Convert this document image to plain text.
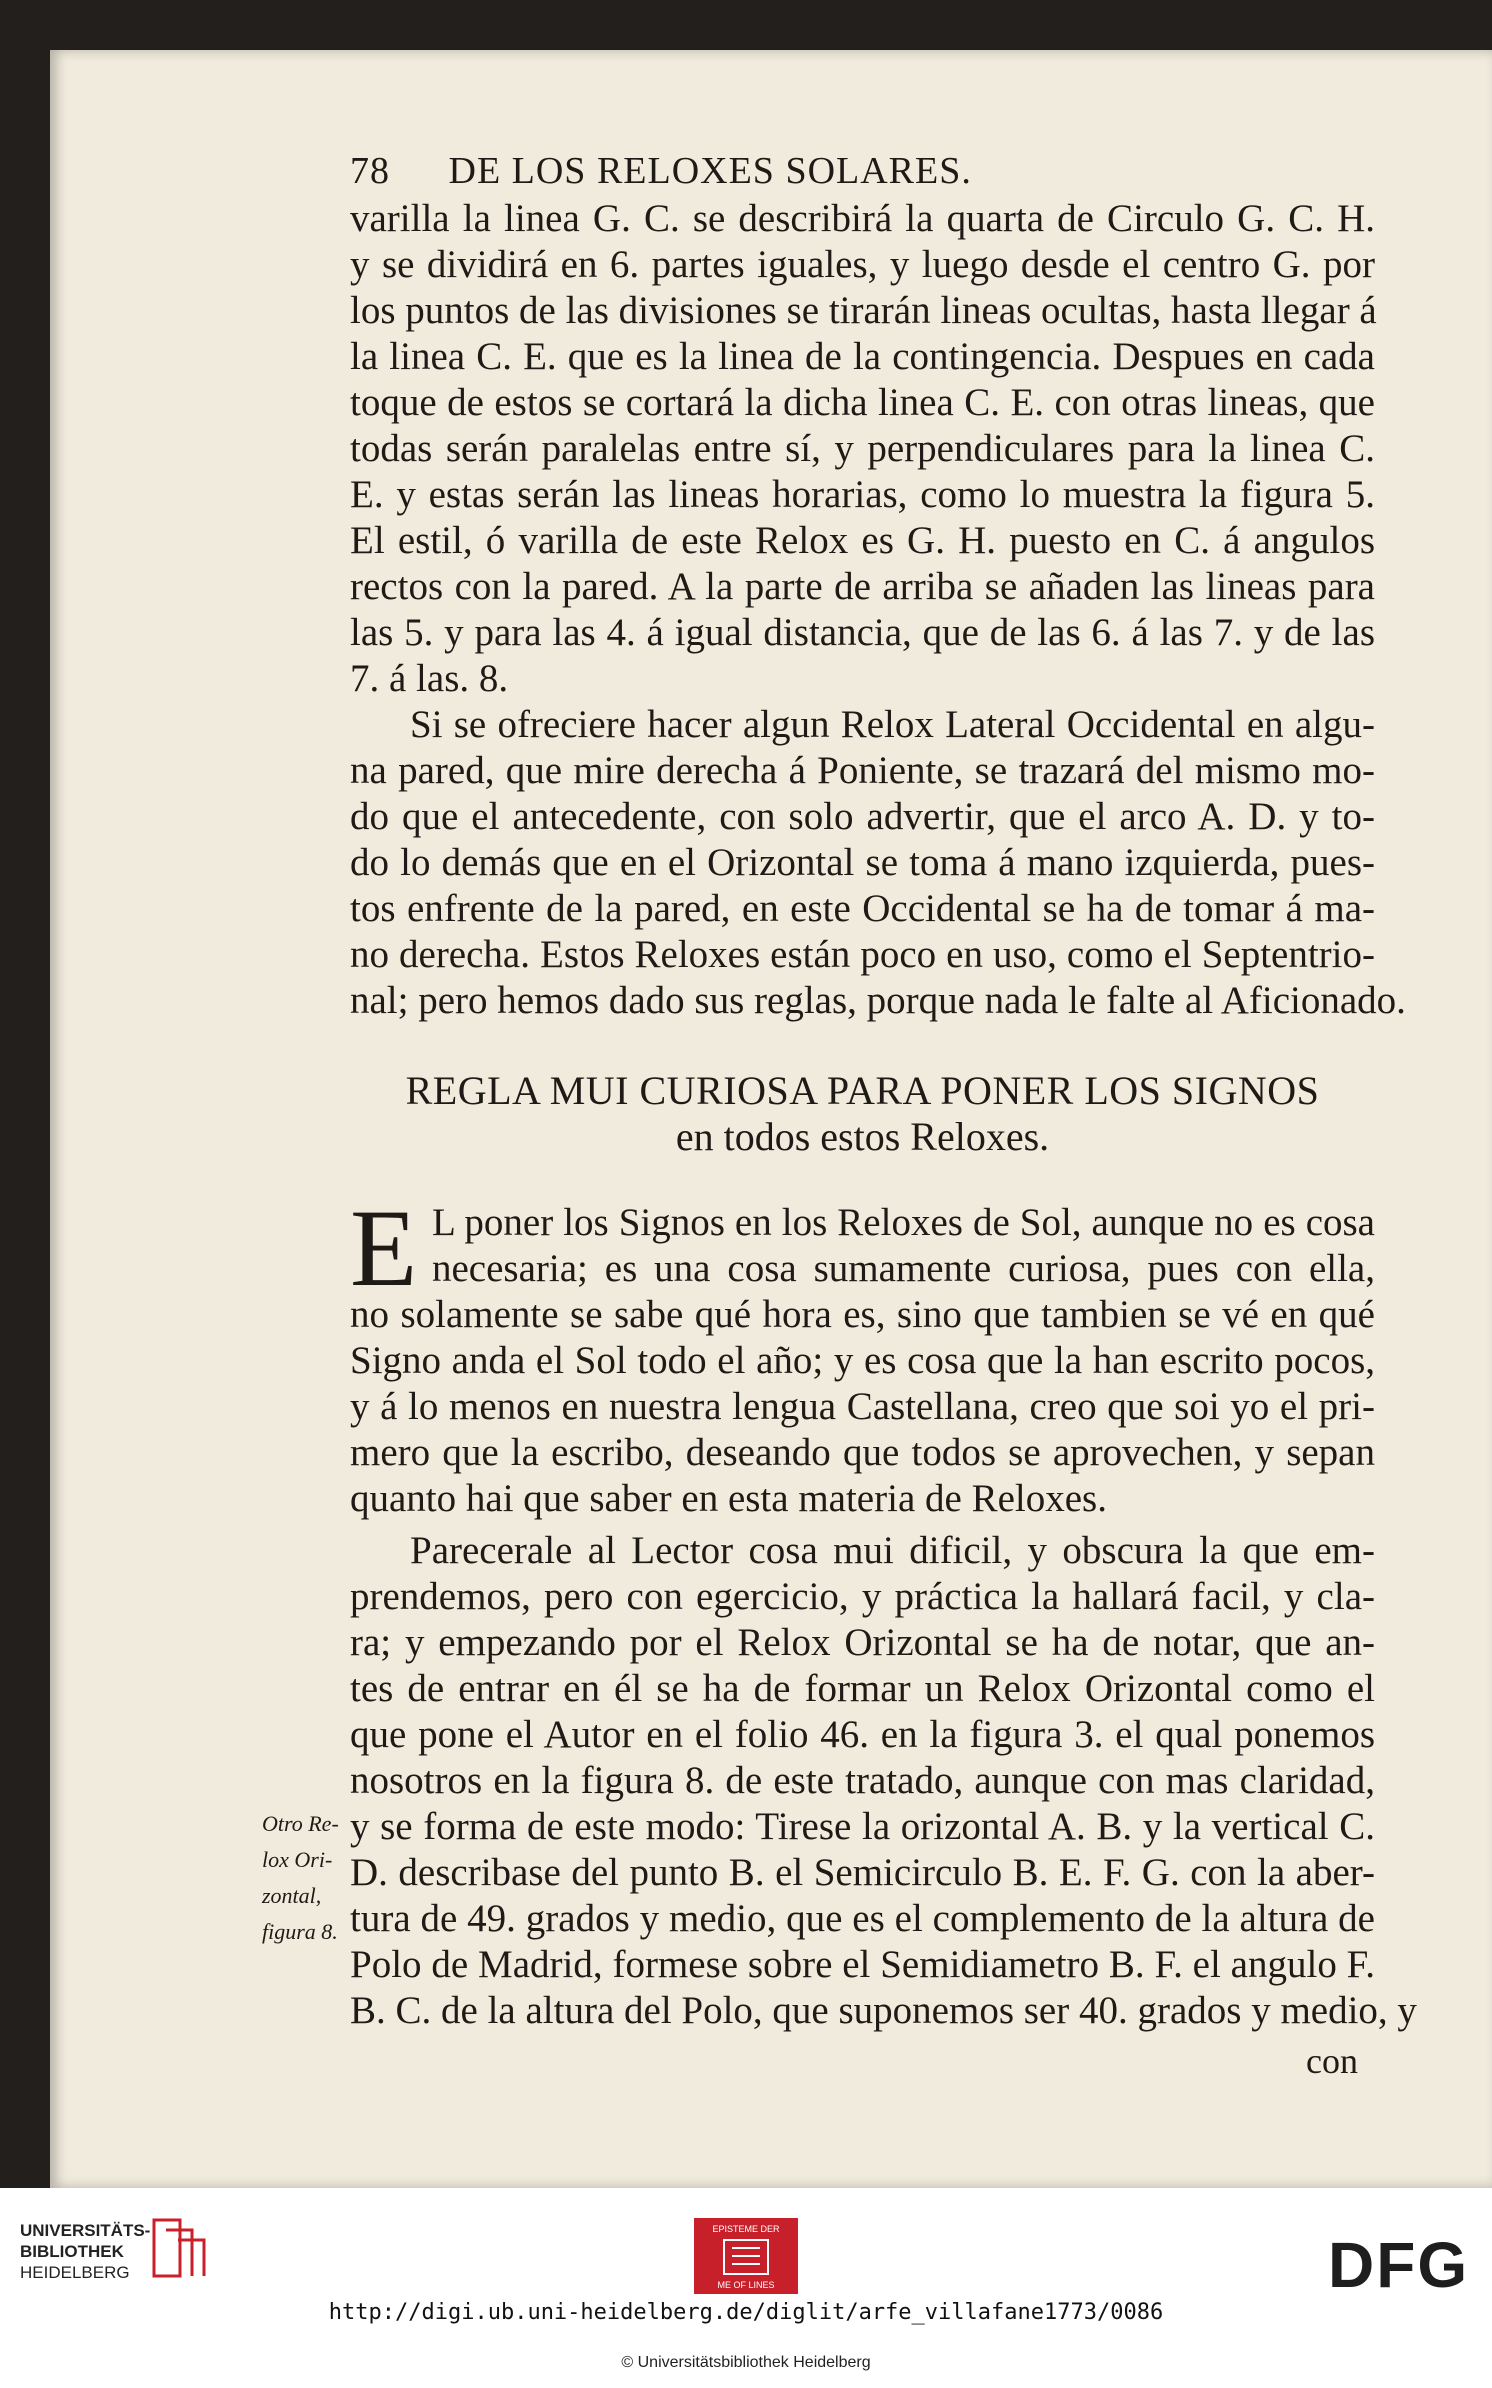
78 DE LOS RELOXES SOLARES.
varilla la linea G. C. se describirá la quarta de Circulo G. C. H.
y se dividirá en 6. partes iguales, y luego desde el centro G. por
los puntos de las divisiones se tirarán lineas ocultas, hasta llegar á
la linea C. E. que es la linea de la contingencia. Despues en cada
toque de estos se cortará la dicha linea C. E. con otras lineas, que
todas serán paralelas entre sí, y perpendiculares para la linea C.
E. y estas serán las lineas horarias, como lo muestra la figura 5.
El estil, ó varilla de este Relox es G. H. puesto en C. á angulos
rectos con la pared. A la parte de arriba se añaden las lineas para
las 5. y para las 4. á igual distancia, que de las 6. á las 7. y de las
7. á las. 8.
Si se ofreciere hacer algun Relox Lateral Occidental en algu-
na pared, que mire derecha á Poniente, se trazará del mismo mo-
do que el antecedente, con solo advertir, que el arco A. D. y to-
do lo demás que en el Orizontal se toma á mano izquierda, pues-
tos enfrente de la pared, en este Occidental se ha de tomar á ma-
no derecha. Estos Reloxes están poco en uso, como el Septentrio-
nal; pero hemos dado sus reglas, porque nada le falte al Aficionado.
REGLA MUI CURIOSA PARA PONER LOS SIGNOS
en todos estos Reloxes.
E L poner los Signos en los Reloxes de Sol, aunque no es cosa
necesaria; es una cosa sumamente curiosa, pues con ella,
no solamente se sabe qué hora es, sino que tambien se vé en qué
Signo anda el Sol todo el año; y es cosa que la han escrito pocos,
y á lo menos en nuestra lengua Castellana, creo que soi yo el pri-
mero que la escribo, deseando que todos se aprovechen, y sepan
quanto hai que saber en esta materia de Reloxes.
Parecerale al Lector cosa mui dificil, y obscura la que em-
prendemos, pero con egercicio, y práctica la hallará facil, y cla-
ra; y empezando por el Relox Orizontal se ha de notar, que an-
tes de entrar en él se ha de formar un Relox Orizontal como el
que pone el Autor en el folio 46. en la figura 3. el qual ponemos
nosotros en la figura 8. de este tratado, aunque con mas claridad,
y se forma de este modo: Tirese la orizontal A. B. y la vertical C.
D. describase del punto B. el Semicirculo B. E. F. G. con la aber-
tura de 49. grados y medio, que es el complemento de la altura de
Polo de Madrid, formese sobre el Semidiametro B. F. el angulo F.
B. C. de la altura del Polo, que suponemos ser 40. grados y medio, y
Otro Re-
lox Ori-
zontal,
figura 8.
con
UNIVERSITÄTS-
BIBLIOTHEK
HEIDELBERG
EPISTEME DER
ME OF LINES	DFG
http://digi.ub.uni-heidelberg.de/diglit/arfe_villafane1773/0086
© Universitätsbibliothek Heidelberg
